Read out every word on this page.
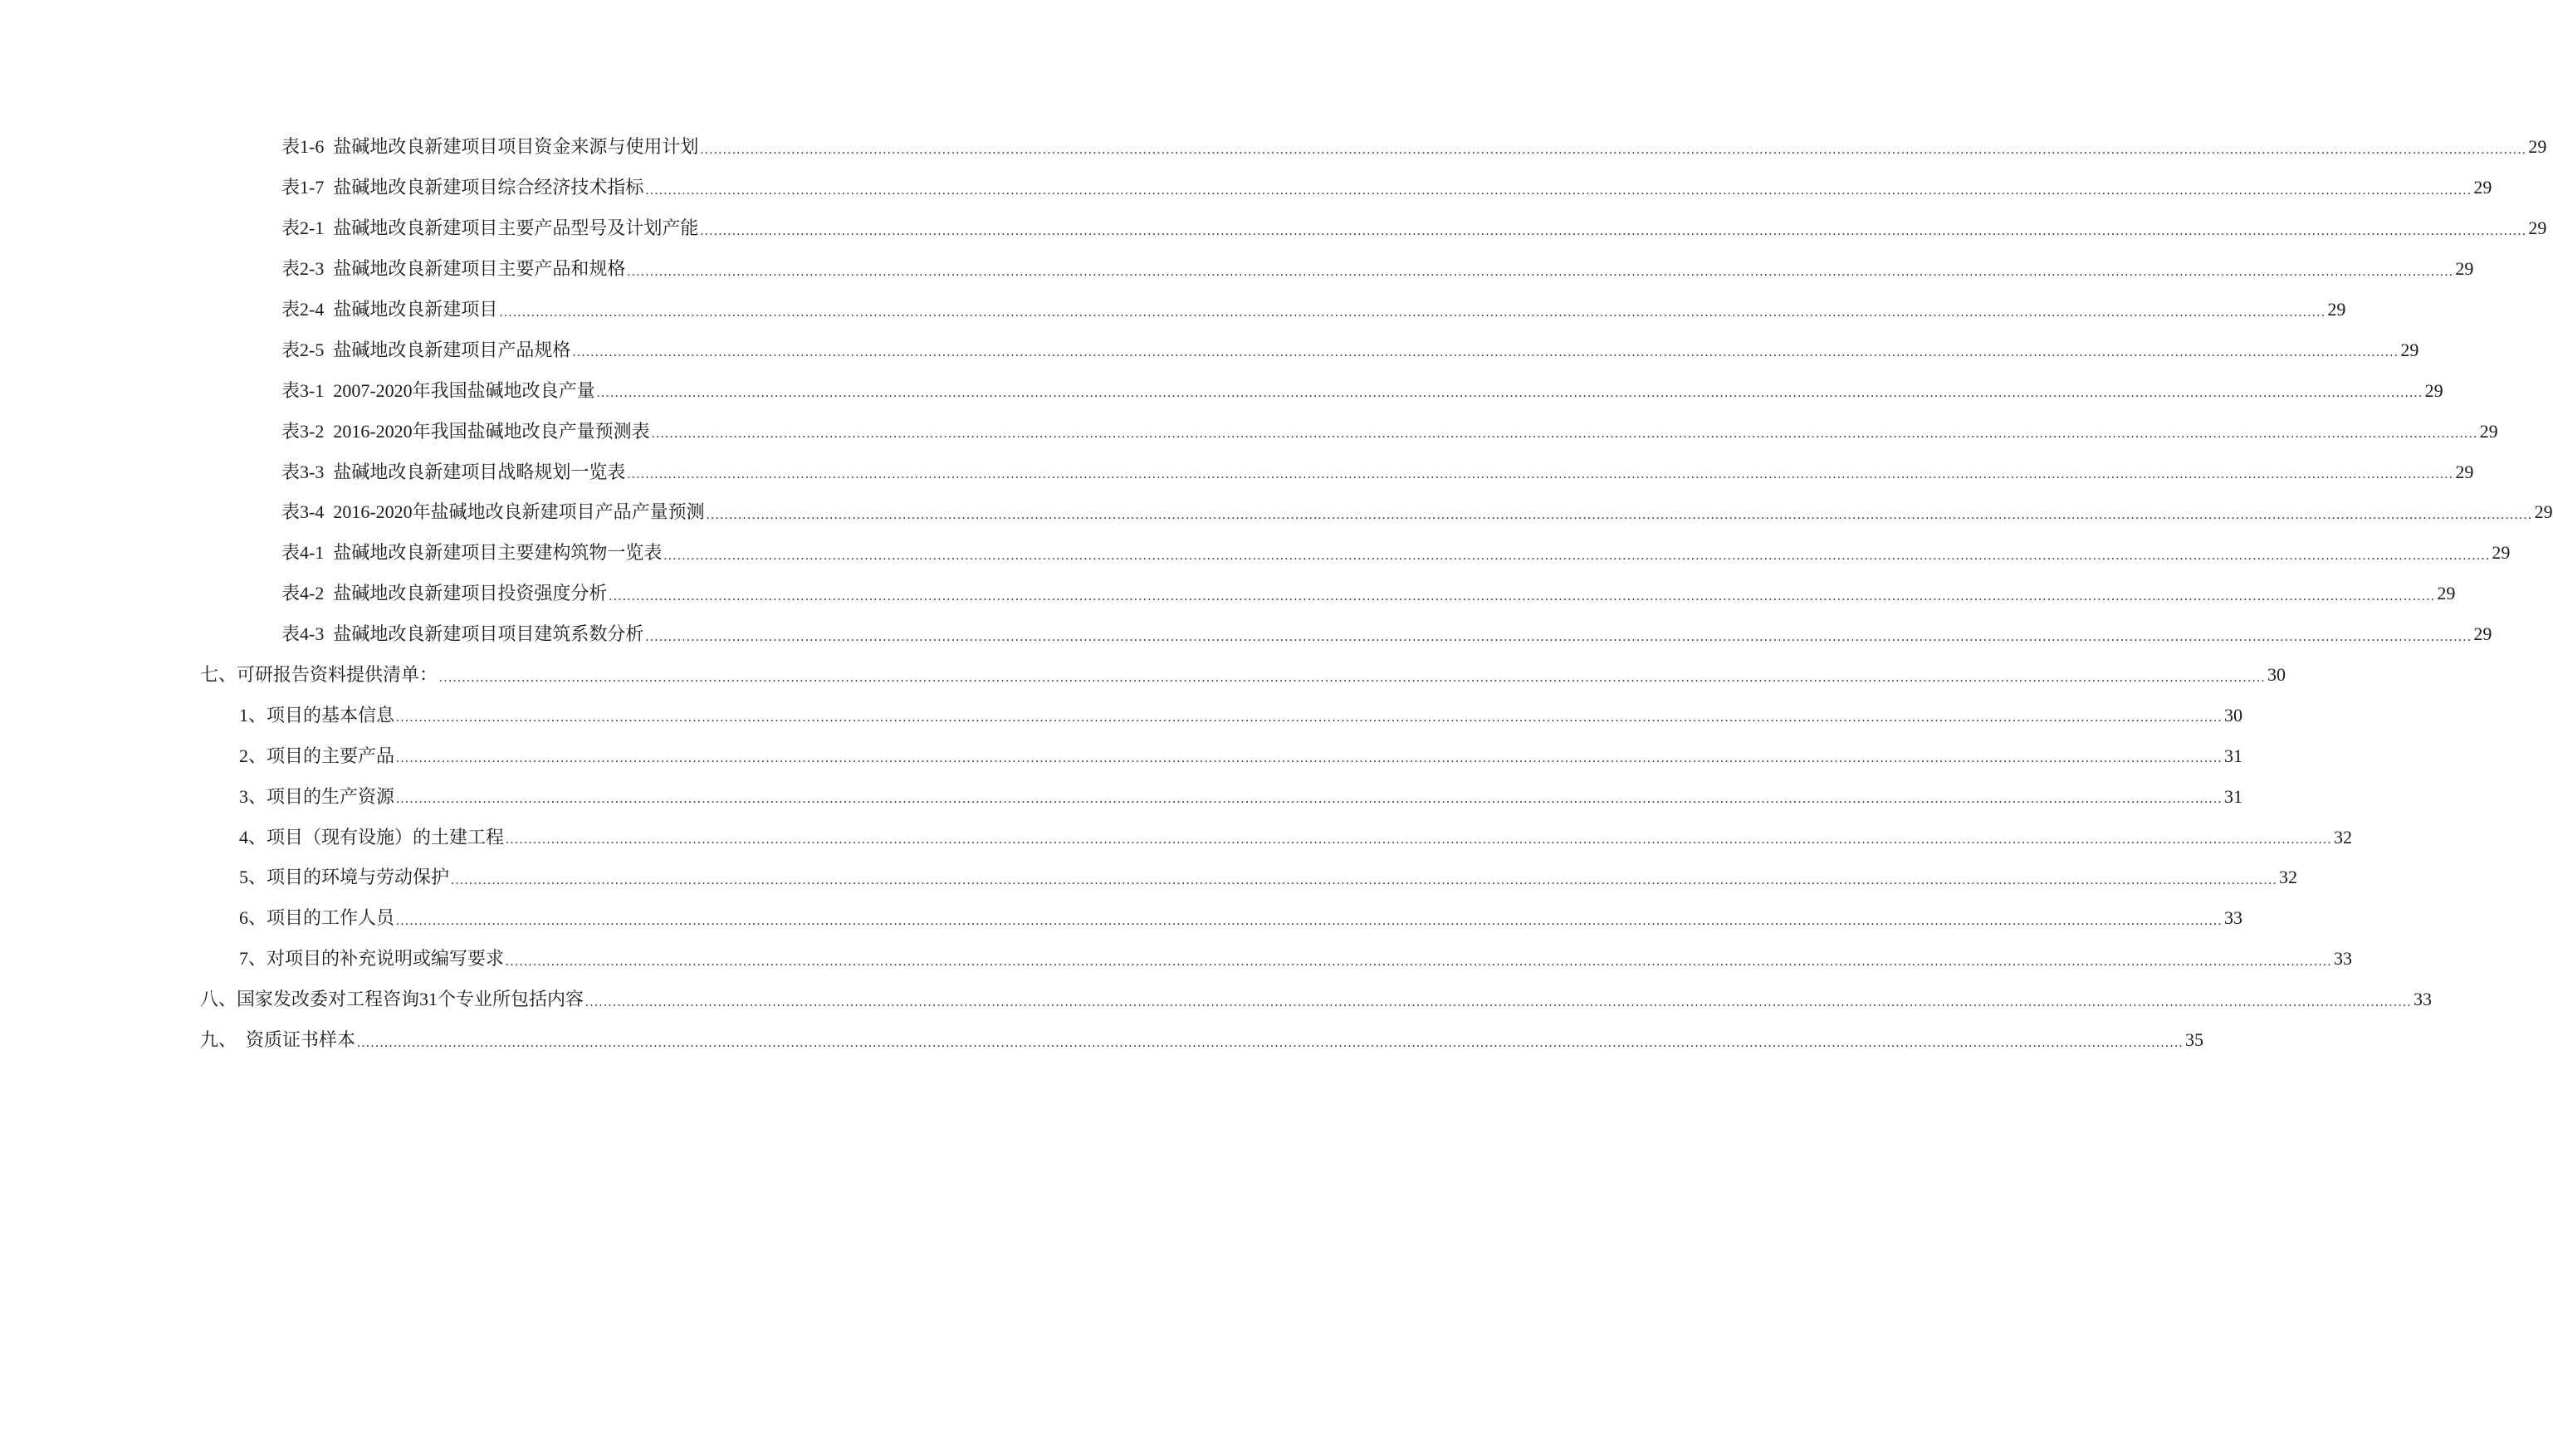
表1-6  盐碱地改良新建项目项目资金来源与使用计划 ................................................................................................................................................................................................................................................................................................................................................................................................................ 29
表1-7  盐碱地改良新建项目综合经济技术指标 ................................................................................................................................................................................................................................................................................................................................................................................................................ 29
表2-1  盐碱地改良新建项目主要产品型号及计划产能 ................................................................................................................................................................................................................................................................................................................................................................................................................ 29
表2-3  盐碱地改良新建项目主要产品和规格 ................................................................................................................................................................................................................................................................................................................................................................................................................ 29
表2-4  盐碱地改良新建项目 ................................................................................................................................................................................................................................................................................................................................................................................................................ 29
表2-5  盐碱地改良新建项目产品规格 ................................................................................................................................................................................................................................................................................................................................................................................................................ 29
表3-1  2007-2020年我国盐碱地改良产量 ................................................................................................................................................................................................................................................................................................................................................................................................................ 29
表3-2  2016-2020年我国盐碱地改良产量预测表 ................................................................................................................................................................................................................................................................................................................................................................................................................ 29
表3-3  盐碱地改良新建项目战略规划一览表 ................................................................................................................................................................................................................................................................................................................................................................................................................ 29
表3-4  2016-2020年盐碱地改良新建项目产品产量预测 ................................................................................................................................................................................................................................................................................................................................................................................................................ 29
表4-1  盐碱地改良新建项目主要建构筑物一览表 ................................................................................................................................................................................................................................................................................................................................................................................................................ 29
表4-2  盐碱地改良新建项目投资强度分析 ................................................................................................................................................................................................................................................................................................................................................................................................................ 29
表4-3  盐碱地改良新建项目项目建筑系数分析 ................................................................................................................................................................................................................................................................................................................................................................................................................ 29
七、可研报告资料提供清单： ................................................................................................................................................................................................................................................................................................................................................................................................................ 30
1、项目的基本信息 ................................................................................................................................................................................................................................................................................................................................................................................................................ 30
2、项目的主要产品 ................................................................................................................................................................................................................................................................................................................................................................................................................ 31
3、项目的生产资源 ................................................................................................................................................................................................................................................................................................................................................................................................................ 31
4、项目（现有设施）的土建工程 ................................................................................................................................................................................................................................................................................................................................................................................................................ 32
5、项目的环境与劳动保护 ................................................................................................................................................................................................................................................................................................................................................................................................................ 32
6、项目的工作人员 ................................................................................................................................................................................................................................................................................................................................................................................................................ 33
7、对项目的补充说明或编写要求 ................................................................................................................................................................................................................................................................................................................................................................................................................ 33
八、国家发改委对工程咨询31个专业所包括内容 ................................................................................................................................................................................................................................................................................................................................................................................................................ 33
九、  资质证书样本 ................................................................................................................................................................................................................................................................................................................................................................................................................ 35
